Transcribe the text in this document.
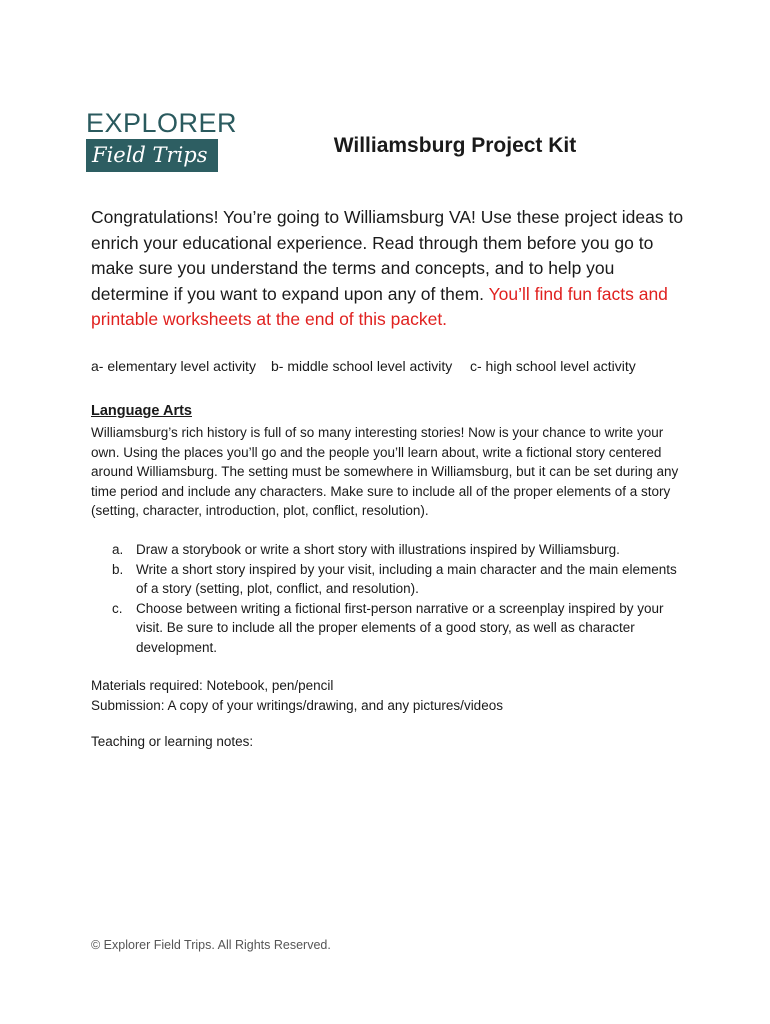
EXPLORER
Field Trips	Williamsburg Project Kit

Congratulations! You’re going to Williamsburg VA! Use these project ideas to enrich your educational experience. Read through them before you go to make sure you understand the terms and concepts, and to help you determine if you want to expand upon any of them. You’ll find fun facts and printable worksheets at the end of this packet.

a- elementary level activity b- middle school level activity c- high school level activity
Language Arts

Williamsburg’s rich history is full of so many interesting stories! Now is your chance to write your own. Using the places you’ll go and the people you’ll learn about, write a fictional story centered around Williamsburg. The setting must be somewhere in Williamsburg, but it can be set during any time period and include any characters. Make sure to include all of the proper elements of a story (setting, character, introduction, plot, conflict, resolution).

a. Draw a storybook or write a short story with illustrations inspired by Williamsburg.
b. Write a short story inspired by your visit, including a main character and the main elements of a story (setting, plot, conflict, and resolution).
c. Choose between writing a fictional first-person narrative or a screenplay inspired by your visit. Be sure to include all the proper elements of a good story, as well as character development.
Materials required: Notebook, pen/pencil
Submission: A copy of your writings/drawing, and any pictures/videos
Teaching or learning notes:
© Explorer Field Trips. All Rights Reserved.
